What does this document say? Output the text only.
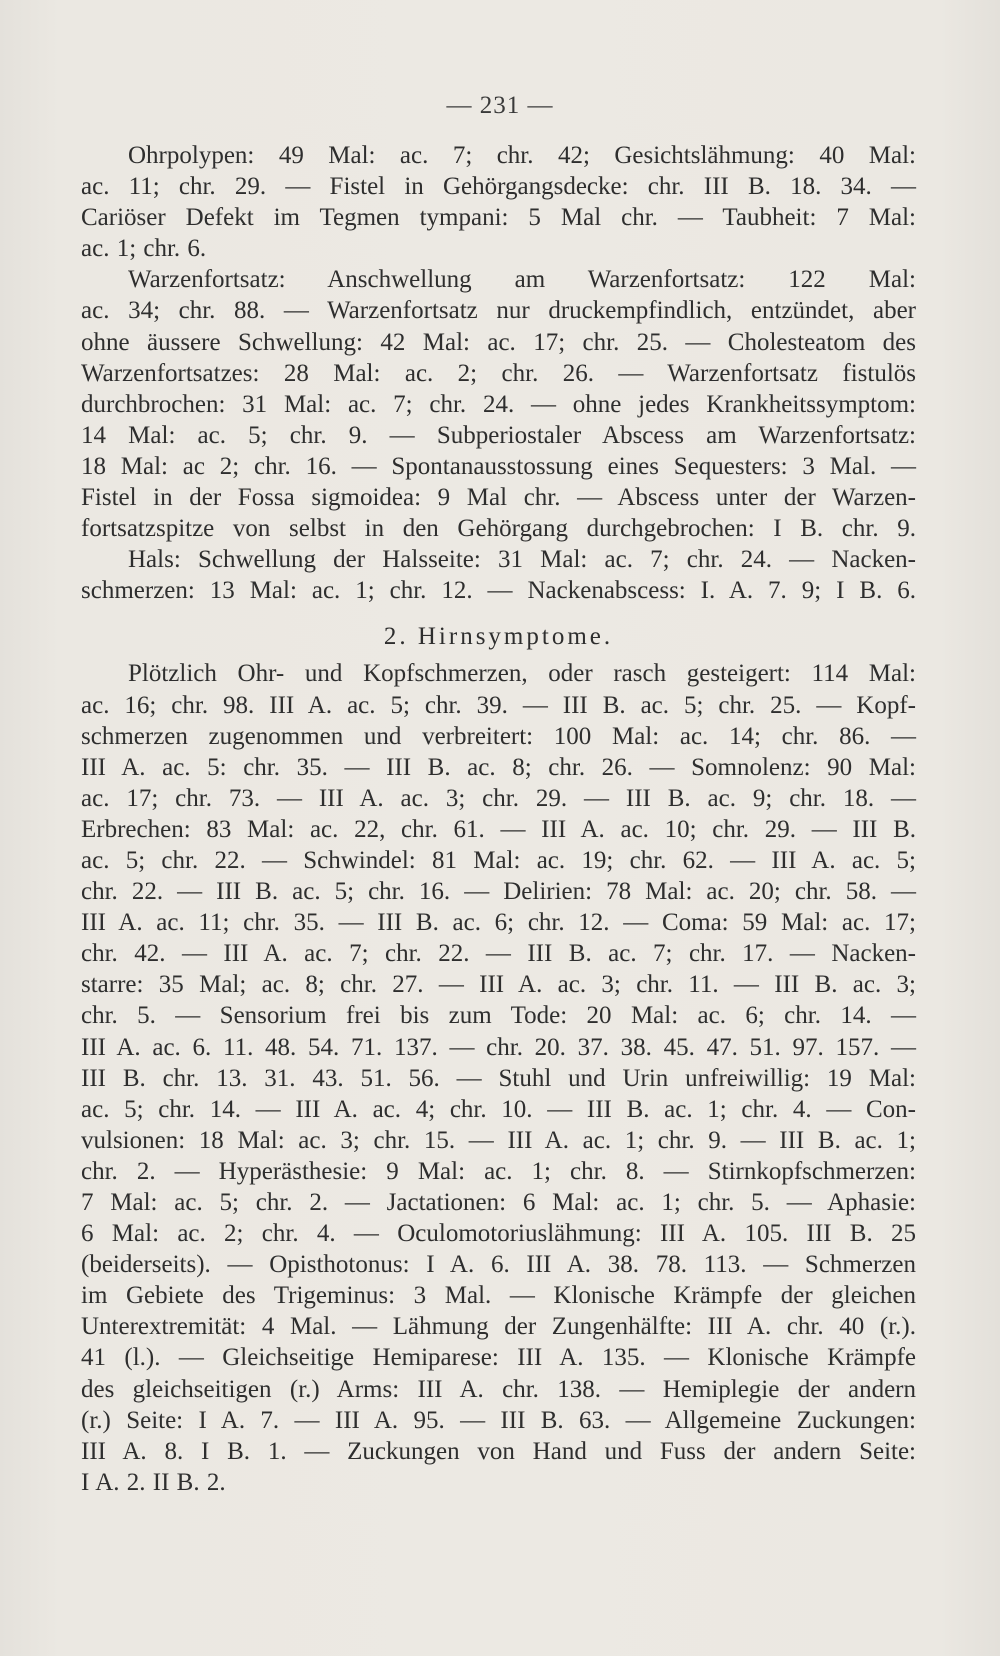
— 231 —
Ohrpolypen: 49 Mal: ac. 7; chr. 42; Gesichtslähmung: 40 Mal:
ac. 11; chr. 29. — Fistel in Gehörgangsdecke: chr. III B. 18. 34. —
Cariöser Defekt im Tegmen tympani: 5 Mal chr. — Taubheit: 7 Mal:
ac. 1; chr. 6.
Warzenfortsatz: Anschwellung am Warzenfortsatz: 122 Mal:
ac. 34; chr. 88. — Warzenfortsatz nur druckempfindlich, entzündet, aber
ohne äussere Schwellung: 42 Mal: ac. 17; chr. 25. — Cholesteatom des
Warzenfortsatzes: 28 Mal: ac. 2; chr. 26. — Warzenfortsatz fistulös
durchbrochen: 31 Mal: ac. 7; chr. 24. — ohne jedes Krankheitssymptom:
14 Mal: ac. 5; chr. 9. — Subperiostaler Abscess am Warzenfortsatz:
18 Mal: ac 2; chr. 16. — Spontanausstossung eines Sequesters: 3 Mal. —
Fistel in der Fossa sigmoidea: 9 Mal chr. — Abscess unter der Warzen-
fortsatzspitze von selbst in den Gehörgang durchgebrochen: I B. chr. 9.
Hals: Schwellung der Halsseite: 31 Mal: ac. 7; chr. 24. — Nacken-
schmerzen: 13 Mal: ac. 1; chr. 12. — Nackenabscess: I. A. 7. 9; I B. 6.
2. Hirnsymptome.
Plötzlich Ohr- und Kopfschmerzen, oder rasch gesteigert: 114 Mal:
ac. 16; chr. 98. III A. ac. 5; chr. 39. — III B. ac. 5; chr. 25. — Kopf-
schmerzen zugenommen und verbreitert: 100 Mal: ac. 14; chr. 86. —
III A. ac. 5: chr. 35. — III B. ac. 8; chr. 26. — Somnolenz: 90 Mal:
ac. 17; chr. 73. — III A. ac. 3; chr. 29. — III B. ac. 9; chr. 18. —
Erbrechen: 83 Mal: ac. 22, chr. 61. — III A. ac. 10; chr. 29. — III B.
ac. 5; chr. 22. — Schwindel: 81 Mal: ac. 19; chr. 62. — III A. ac. 5;
chr. 22. — III B. ac. 5; chr. 16. — Delirien: 78 Mal: ac. 20; chr. 58. —
III A. ac. 11; chr. 35. — III B. ac. 6; chr. 12. — Coma: 59 Mal: ac. 17;
chr. 42. — III A. ac. 7; chr. 22. — III B. ac. 7; chr. 17. — Nacken-
starre: 35 Mal; ac. 8; chr. 27. — III A. ac. 3; chr. 11. — III B. ac. 3;
chr. 5. — Sensorium frei bis zum Tode: 20 Mal: ac. 6; chr. 14. —
III A. ac. 6. 11. 48. 54. 71. 137. — chr. 20. 37. 38. 45. 47. 51. 97. 157. —
III B. chr. 13. 31. 43. 51. 56. — Stuhl und Urin unfreiwillig: 19 Mal:
ac. 5; chr. 14. — III A. ac. 4; chr. 10. — III B. ac. 1; chr. 4. — Con-
vulsionen: 18 Mal: ac. 3; chr. 15. — III A. ac. 1; chr. 9. — III B. ac. 1;
chr. 2. — Hyperästhesie: 9 Mal: ac. 1; chr. 8. — Stirnkopfschmerzen:
7 Mal: ac. 5; chr. 2. — Jactationen: 6 Mal: ac. 1; chr. 5. — Aphasie:
6 Mal: ac. 2; chr. 4. — Oculomotoriuslähmung: III A. 105. III B. 25
(beiderseits). — Opisthotonus: I A. 6. III A. 38. 78. 113. — Schmerzen
im Gebiete des Trigeminus: 3 Mal. — Klonische Krämpfe der gleichen
Unterextremität: 4 Mal. — Lähmung der Zungenhälfte: III A. chr. 40 (r.).
41 (l.). — Gleichseitige Hemiparese: III A. 135. — Klonische Krämpfe
des gleichseitigen (r.) Arms: III A. chr. 138. — Hemiplegie der andern
(r.) Seite: I A. 7. — III A. 95. — III B. 63. — Allgemeine Zuckungen:
III A. 8. I B. 1. — Zuckungen von Hand und Fuss der andern Seite:
I A. 2. II B. 2.
